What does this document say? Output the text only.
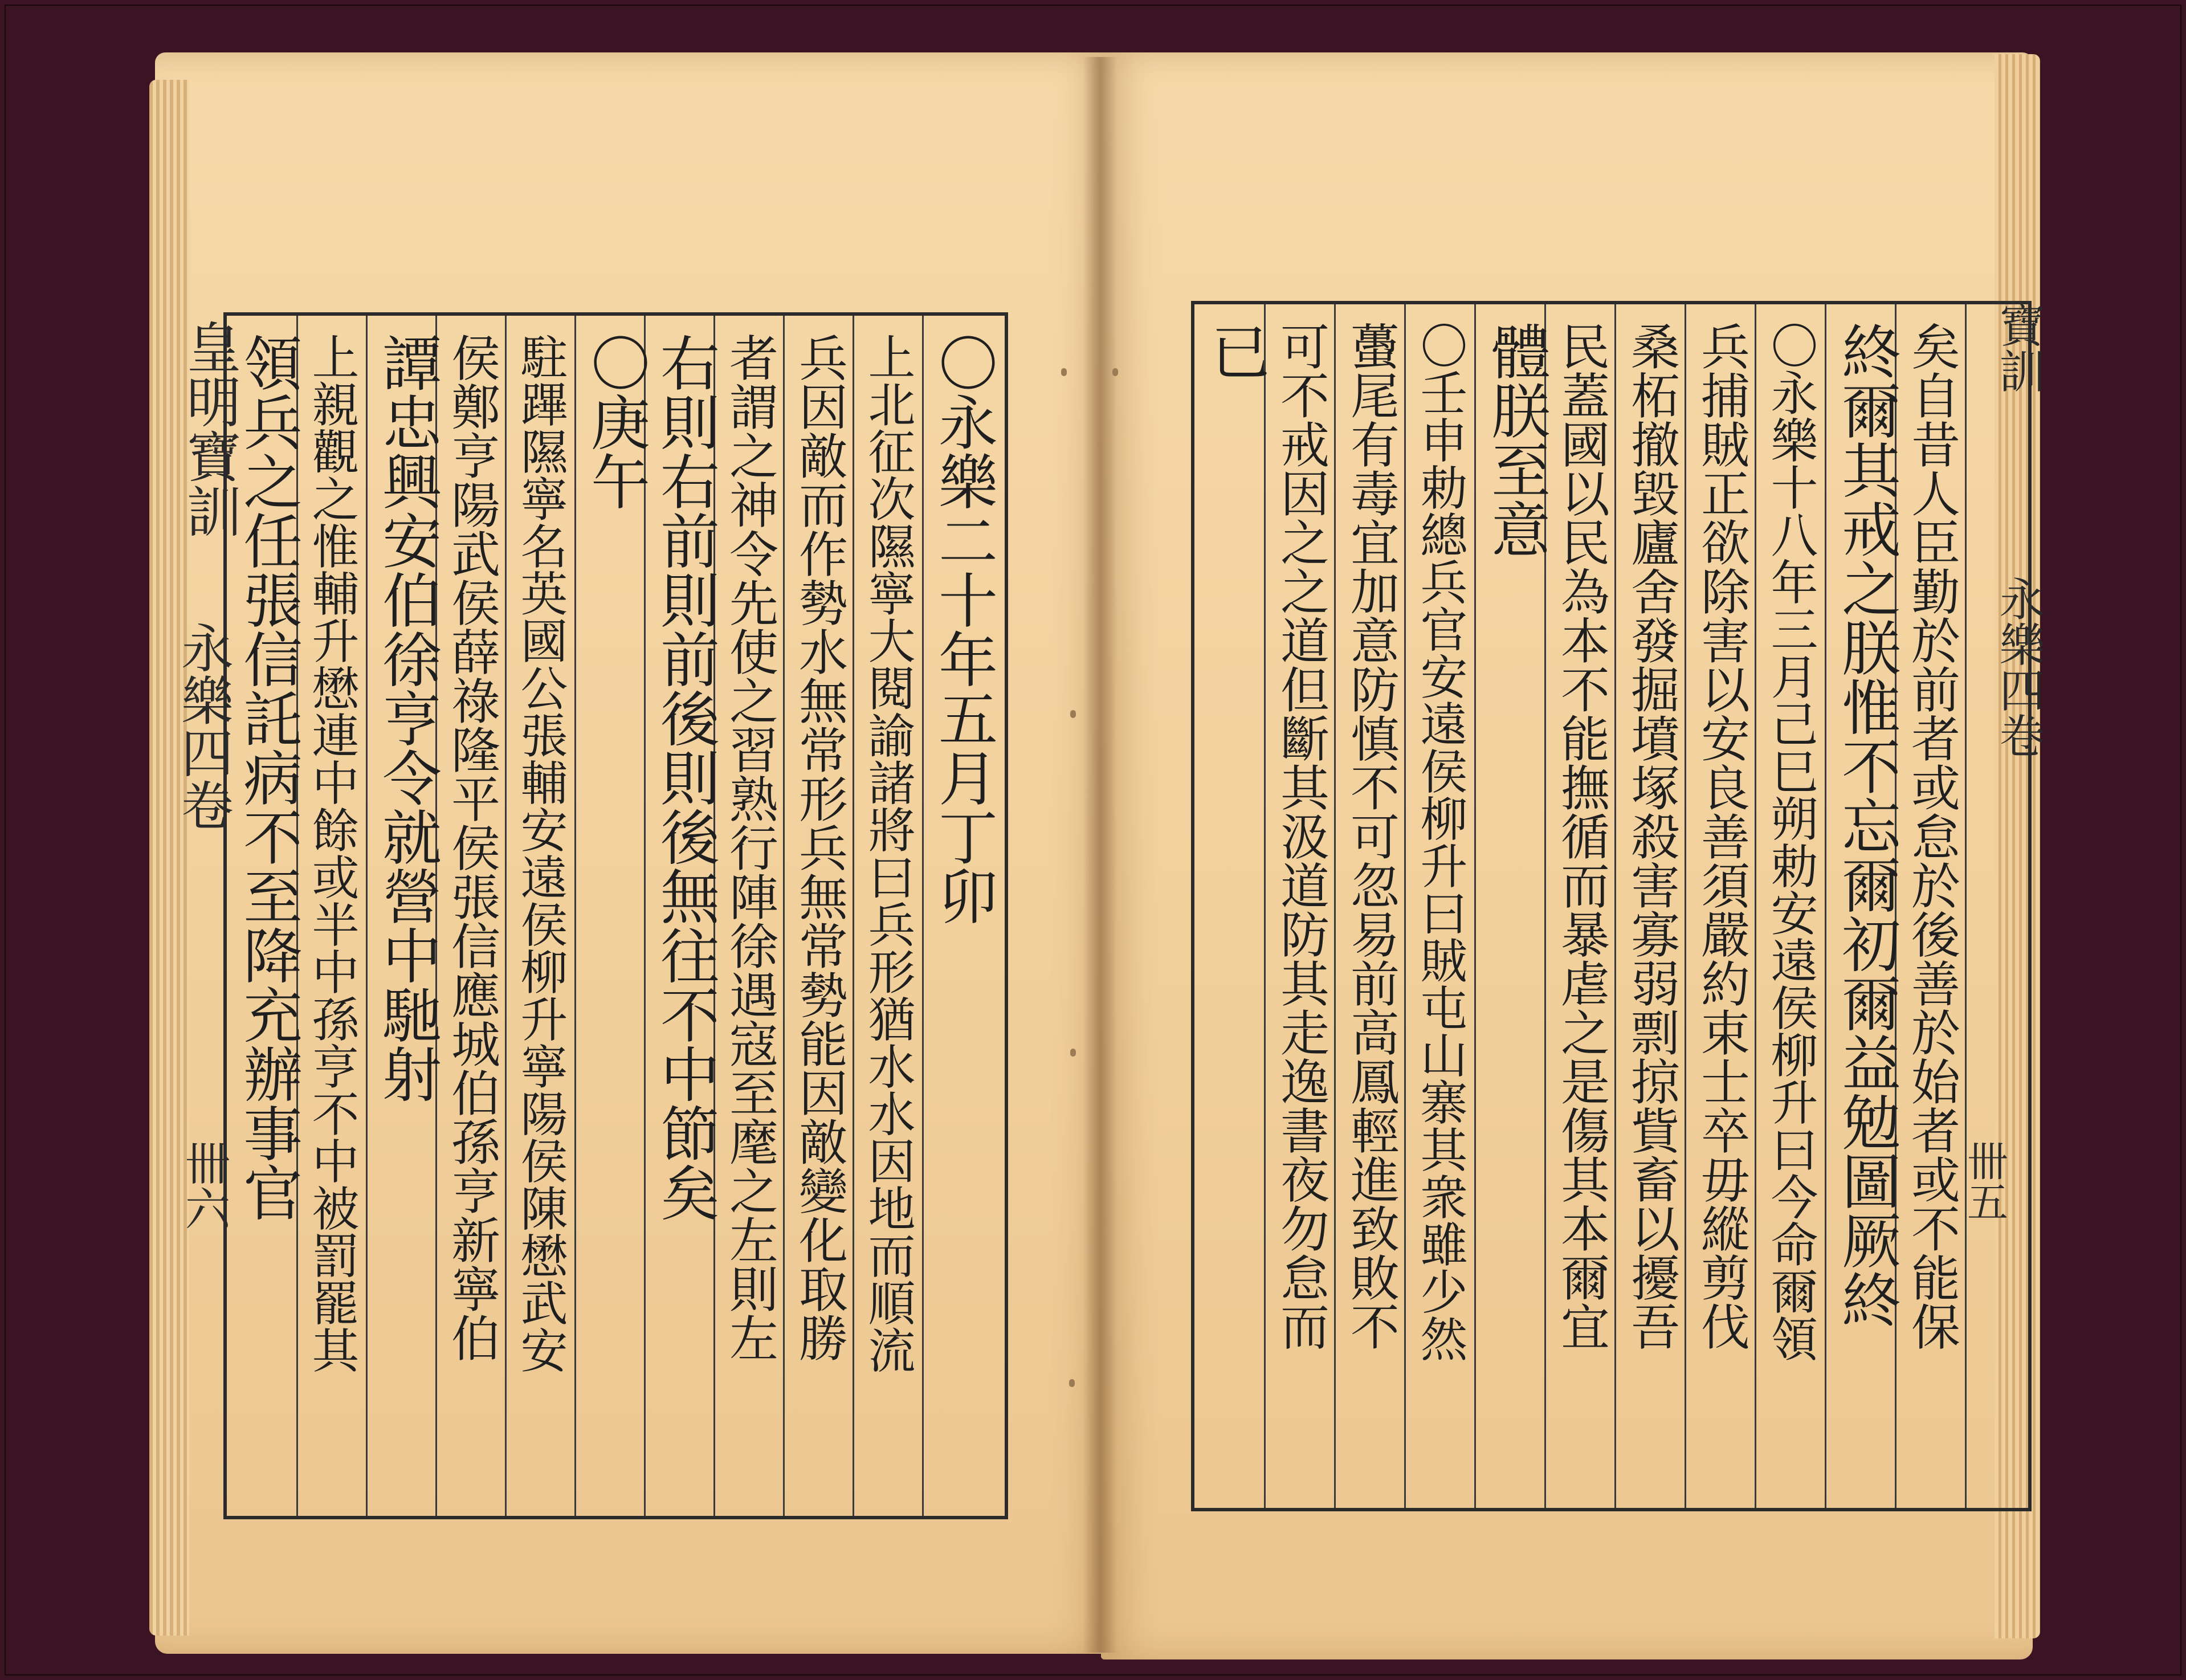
〇永樂二十年五月丁卯
上北征次隰寧大閱諭諸將曰兵形猶水水因地而順流
兵因敵而作勢水無常形兵無常勢能因敵變化取勝
者謂之神令先使之習熟行陣徐遇寇至麾之左則左
右則右前則前後則後無往不中節矣
〇庚午
駐蹕隰寧名英國公張輔安遠侯柳升寧陽侯陳懋武安
侯鄭亨陽武侯薛祿隆平侯張信應城伯孫亨新寧伯
譚忠興安伯徐亨令就營中馳射
上親觀之惟輔升懋連中餘或半中孫亨不中被罰罷其
領兵之任張信託病不至降充辦事官
皇明寶訓
永樂四卷
卌六	矣自昔人臣勤於前者或怠於後善於始者或不能保
終爾其戒之朕惟不忘爾初爾益勉圖厥終
〇永樂十八年三月己巳朔勅安遠侯柳升曰今命爾領
兵捕賊正欲除害以安良善須嚴約束士卒毋縱剪伐
桑柘撤毀廬舍發掘墳塚殺害寡弱剽掠貲畜以擾吾
民蓋國以民為本不能撫循而暴虐之是傷其本爾宜
體朕至意
〇壬申勅總兵官安遠侯柳升曰賊屯山寨其衆雖少然
蠆尾有毒宜加意防慎不可忽易前高鳳輕進致敗不
可不戒因之之道但斷其汲道防其走逸書夜勿怠而
已	寶訓
永樂四卷
卌五
